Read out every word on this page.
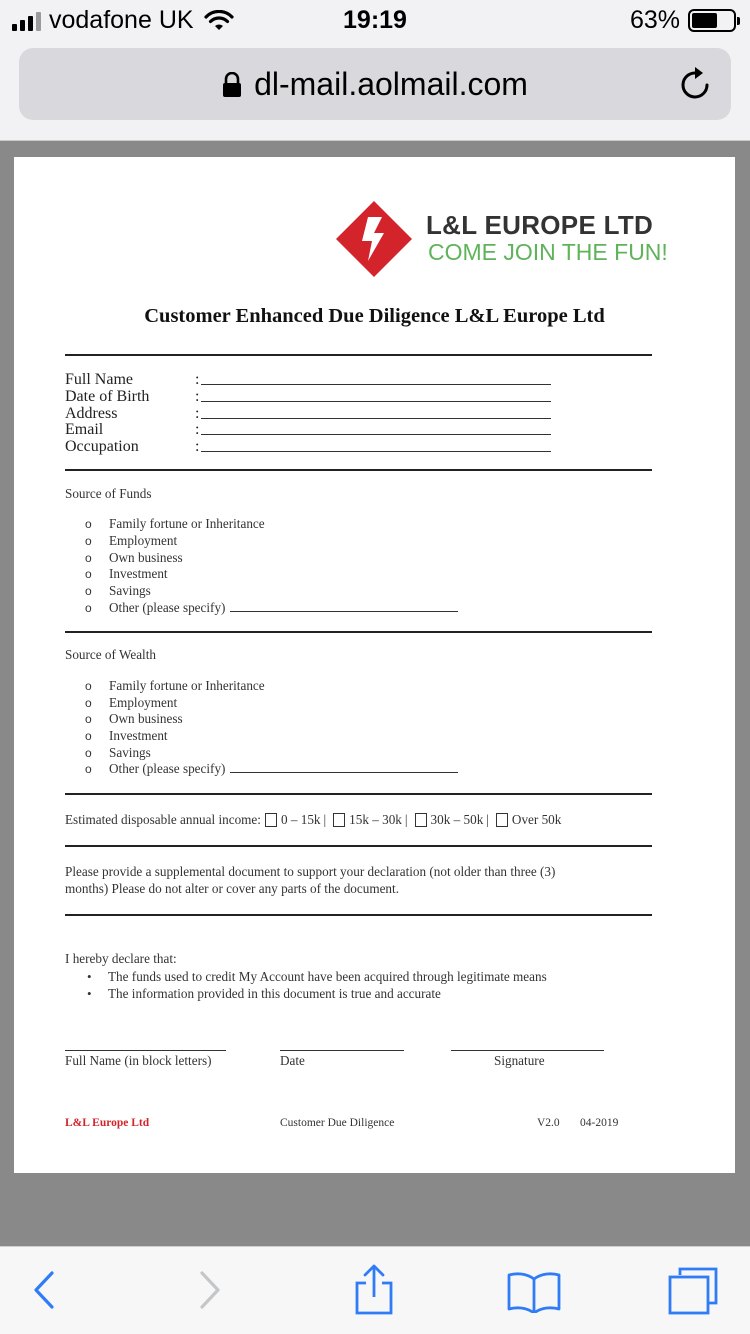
vodafone UK	19:19	63%
dl-mail.aolmail.com
L&L EUROPE LTD
COME JOIN THE FUN!
Customer Enhanced Due Diligence L&L Europe Ltd
Full Name	:
Date of Birth	:
Address	:
Email	:
Occupation	:
Source of Funds
o Family fortune or Inheritance
o Employment
o Own business
o Investment
o Savings
o Other (please specify)
Source of Wealth
o Family fortune or Inheritance
o Employment
o Own business
o Investment
o Savings
o Other (please specify)
Estimated disposable annual income: 0 – 15k | 15k – 30k | 30k – 50k | Over 50k
Please provide a supplemental document to support your declaration (not older than three (3)
months) Please do not alter or cover any parts of the document.
I hereby declare that:
• The funds used to credit My Account have been acquired through legitimate means
• The information provided in this document is true and accurate
Full Name (in block letters)	Date	Signature
L&L Europe Ltd	Customer Due Diligence	V2.0 04-2019
